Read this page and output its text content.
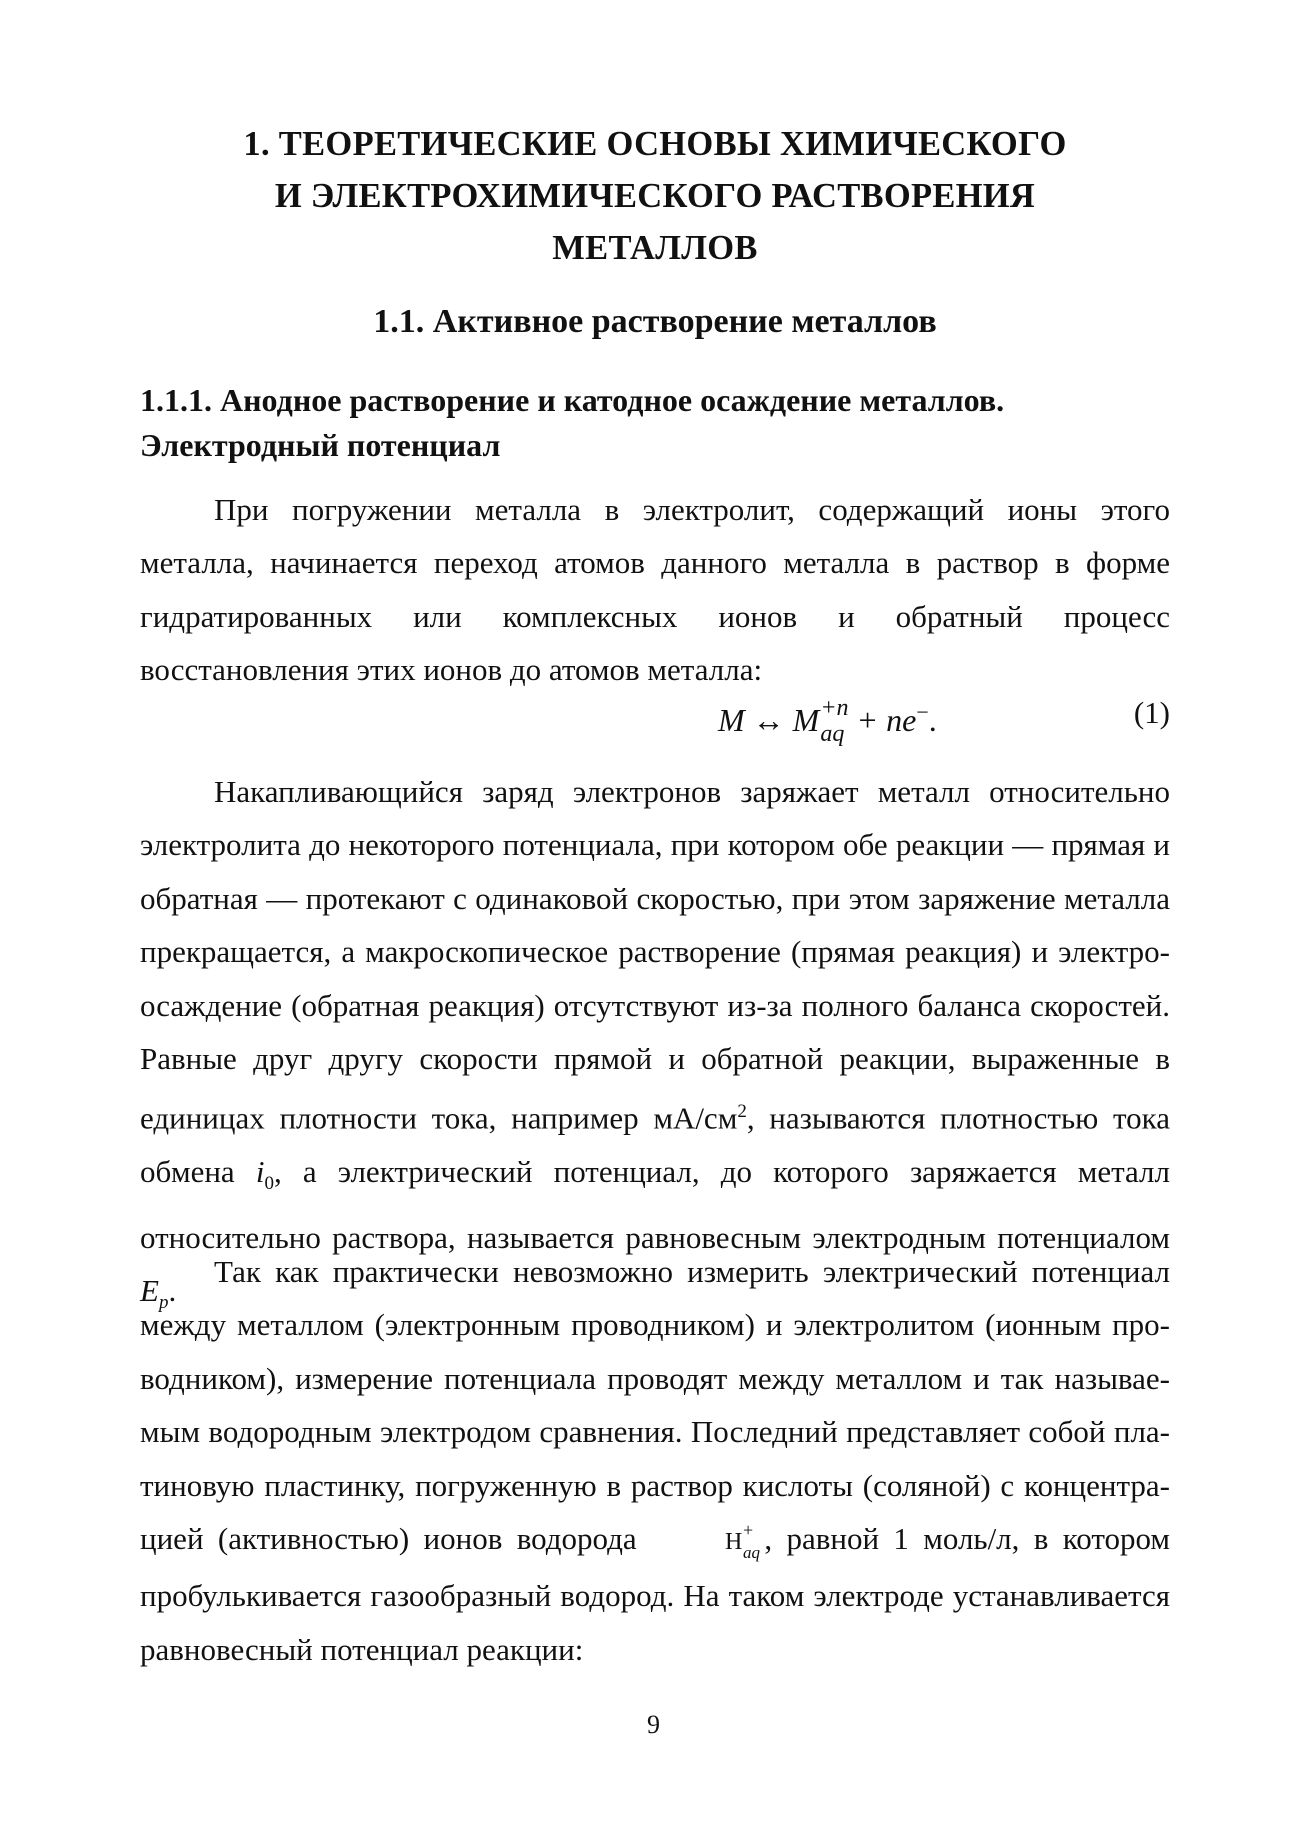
1. ТЕОРЕТИЧЕСКИЕ ОСНОВЫ ХИМИЧЕСКОГО
И ЭЛЕКТРОХИМИЧЕСКОГО РАСТВОРЕНИЯ
МЕТАЛЛОВ
1.1. Активное растворение металлов
1.1.1. Анодное растворение и катодное осаждение металлов.
Электродный потенциал

При погружении металла в электролит, содержащий ионы этого металла, начинается переход атомов данного металла в раствор в форме гидратированных или комплексных ионов и обратный процесс восстановления этих ионов до атомов металла:

M ↔ M +n
aq + ne−.	(1)

Накапливающийся заряд электронов заряжает металл относительно электролита до некоторого потенциала, при котором обе реакции — прямая и обратная — протекают с одинаковой скоростью, при этом заряжение металла прекращается, а макроскопическое растворение (прямая реакция) и электроосаждение (обратная реакция) отсутствуют из-за полного баланса скоростей. Равные друг другу скорости прямой и обратной реакции, выраженные в единицах плотности тока, например $мА/см^2$, называются плотностью тока обмена $i_0$, а электрический потенциал, до которого заряжается металл относительно раствора, называется равновесным электродным потенциалом $E_р$.

Так как практически невозможно измерить электрический потенциал между металлом (электронным проводником) и электролитом (ионным проводником), измерение потенциала проводят между металлом и так называемым водородным электродом сравнения. Последний представляет собой платиновую пластинку, погруженную в раствор кислоты (соляной) с концентрацией (активностью) ионов водорода	H +
aq , равной 1 моль/л, в котором пробулькивается газообразный водород. На таком электроде устанавливается равновесный потенциал реакции:

9
